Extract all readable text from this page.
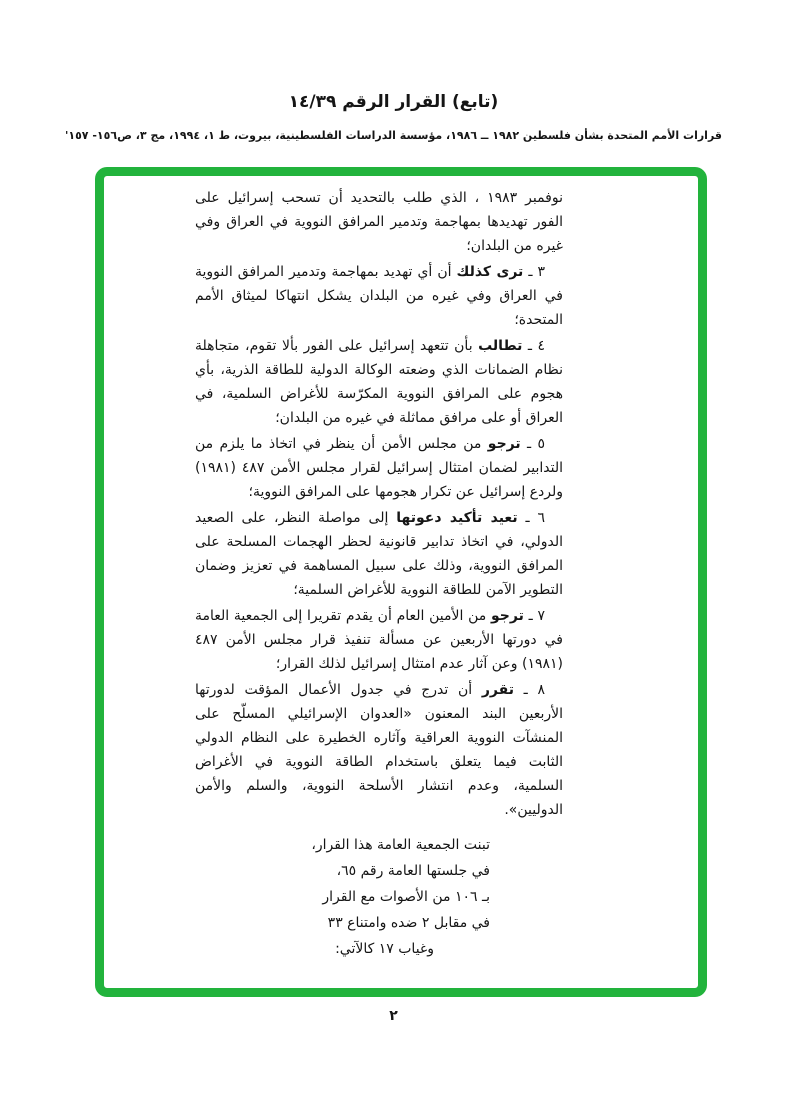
(تابع) القرار الرقم ١٤/٣٩
قرارات الأمم المتحدة بشأن فلسطين ١٩٨٢ ــ ١٩٨٦، مؤسسة الدراسات الفلسطينية، بيروت، ط ١، ١٩٩٤، مج ٣، ص١٥٦- ١٥٧'

نوفمبر ١٩٨٣ ، الذي طلب بالتحديد أن تسحب إسرائيل على الفور تهديدها بمهاجمة وتدمير المرافق النووية في العراق وفي غيره من البلدان؛

٣ ـ ترى كذلك أن أي تهديد بمهاجمة وتدمير المرافق النووية في العراق وفي غيره من البلدان يشكل انتهاكا لميثاق الأمم المتحدة؛

٤ ـ تطالب بأن تتعهد إسرائيل على الفور بألا تقوم، متجاهلة نظام الضمانات الذي وضعته الوكالة الدولية للطاقة الذرية، بأي هجوم على المرافق النووية المكرّسة للأغراض السلمية، في العراق أو على مرافق مماثلة في غيره من البلدان؛

٥ ـ ترجو من مجلس الأمن أن ينظر في اتخاذ ما يلزم من التدابير لضمان امتثال إسرائيل لقرار مجلس الأمن ٤٨٧ (١٩٨١) ولردع إسرائيل عن تكرار هجومها على المرافق النووية؛

٦ ـ تعيد تأكيد دعوتها إلى مواصلة النظر، على الصعيد الدولي، في اتخاذ تدابير قانونية لحظر الهجمات المسلحة على المرافق النووية، وذلك على سبيل المساهمة في تعزيز وضمان التطوير الآمن للطاقة النووية للأغراض السلمية؛

٧ ـ ترجو من الأمين العام أن يقدم تقريرا إلى الجمعية العامة في دورتها الأربعين عن مسألة تنفيذ قرار مجلس الأمن ٤٨٧ (١٩٨١) وعن آثار عدم امتثال إسرائيل لذلك القرار؛

٨ ـ تقرر أن تدرج في جدول الأعمال المؤقت لدورتها الأربعين البند المعنون «العدوان الإسرائيلي المسلّح على المنشآت النووية العراقية وآثاره الخطيرة على النظام الدولي الثابت فيما يتعلق باستخدام الطاقة النووية في الأغراض السلمية، وعدم انتشار الأسلحة النووية، والسلم والأمن الدوليين».

تبنت الجمعية العامة هذا القرار،
في جلستها العامة رقم ٦٥،
بـ ١٠٦ من الأصوات مع القرار
في مقابل ٢ ضده وامتناع ٣٣
وغياب ١٧ كالآتي:
٢
